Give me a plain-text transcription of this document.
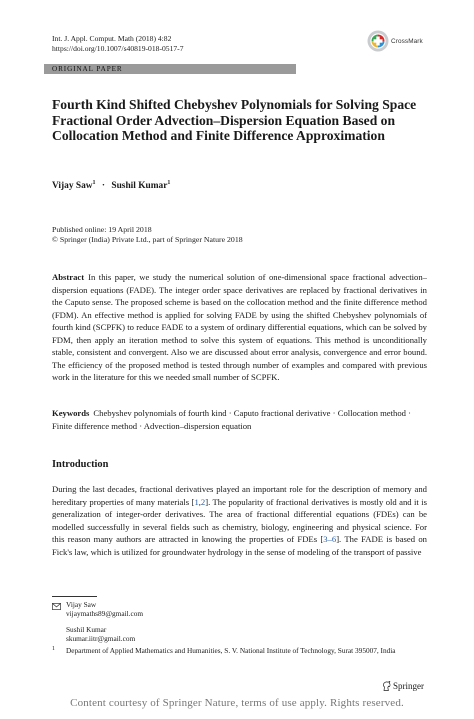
Int. J. Appl. Comput. Math (2018) 4:82
https://doi.org/10.1007/s40819-018-0517-7
CrossMark
ORIGINAL PAPER
Fourth Kind Shifted Chebyshev Polynomials for Solving Space Fractional Order Advection–Dispersion Equation Based on Collocation Method and Finite Difference Approximation
Vijay Saw$^1$ · Sushil Kumar$^1$
Published online: 19 April 2018
© Springer (India) Private Ltd., part of Springer Nature 2018
Abstract In this paper, we study the numerical solution of one-dimensional space fractional advection–dispersion equations (FADE). The integer order space derivatives are replaced by fractional derivatives in the Caputo sense. The proposed scheme is based on the collocation method and the finite difference method (FDM). An effective method is applied for solving FADE by using the shifted Chebyshev polynomials of fourth kind (SCPFK) to reduce FADE to a system of ordinary differential equations, which can be solved by FDM, then apply an iteration method to solve this system of equations. This method is unconditionally stable, consistent and convergent. Also we are discussed about error analysis, convergence and error bound. The efficiency of the proposed method is tested through number of examples and compared with previous work in the literature for this we needed small number of SCPFK.
Keywords Chebyshev polynomials of fourth kind · Caputo fractional derivative · Collocation method · Finite difference method · Advection–dispersion equation
Introduction
During the last decades, fractional derivatives played an important role for the description of memory and hereditary properties of many materials [1,2]. The popularity of fractional derivatives is mostly old and it is generalization of integer-order derivatives. The area of fractional differential equations (FDEs) can be modelled successfully in several fields such as chemistry, biology, engineering and physical science. For this reason many authors are attracted in knowing the properties of FDEs [3–6]. The FADE is based on Fick's law, which is utilized for groundwater hydrology in the sense of modeling of the transport of passive
Vijay Saw
vijaymaths89@gmail.com
Sushil Kumar
skumar.iitr@gmail.com
1 Department of Applied Mathematics and Humanities, S. V. National Institute of Technology, Surat 395007, India
Springer
Content courtesy of Springer Nature, terms of use apply. Rights reserved.
